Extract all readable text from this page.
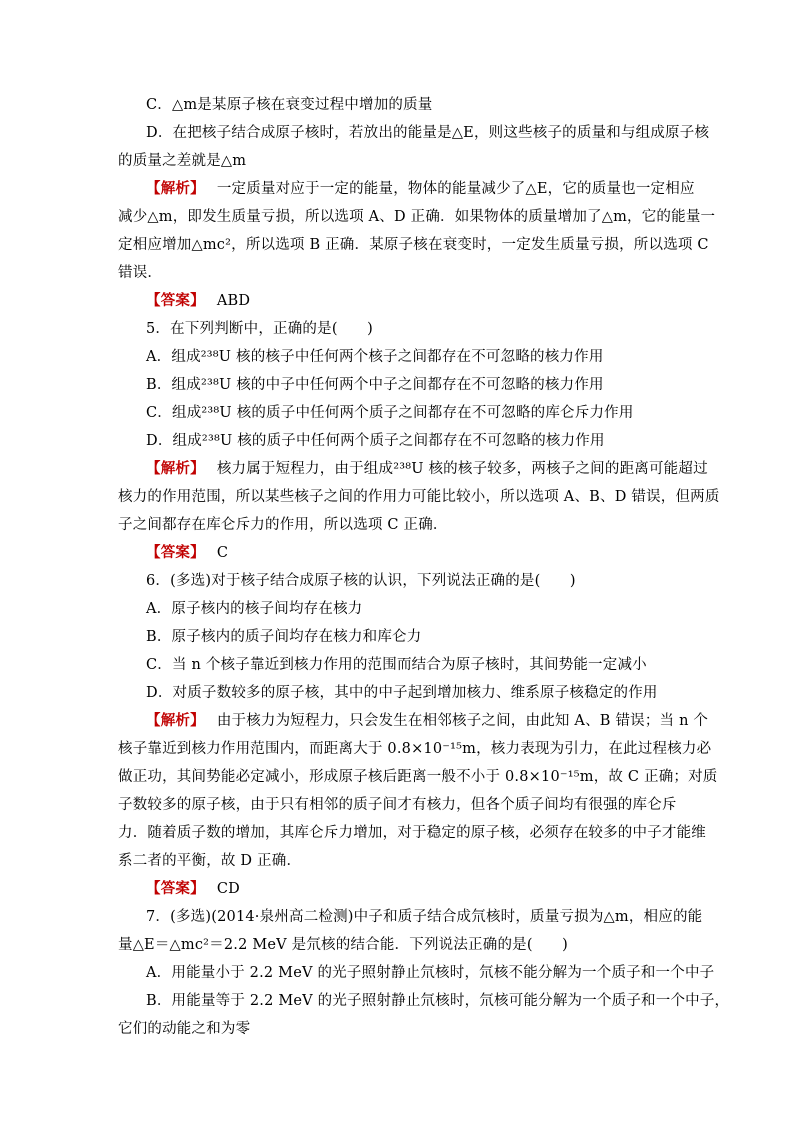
C．△m是某原子核在衰变过程中增加的质量
D．在把核子结合成原子核时，若放出的能量是△E，则这些核子的质量和与组成原子核
的质量之差就是△m
【解析】 一定质量对应于一定的能量，物体的能量减少了△E，它的质量也一定相应
减少△m，即发生质量亏损，所以选项 A、D 正确．如果物体的质量增加了△m，它的能量一
定相应增加△mc²，所以选项 B 正确．某原子核在衰变时，一定发生质量亏损，所以选项 C
错误．
【答案】 ABD
5．在下列判断中，正确的是(　　)
A．组成²³⁸U 核的核子中任何两个核子之间都存在不可忽略的核力作用
B．组成²³⁸U 核的中子中任何两个中子之间都存在不可忽略的核力作用
C．组成²³⁸U 核的质子中任何两个质子之间都存在不可忽略的库仑斥力作用
D．组成²³⁸U 核的质子中任何两个质子之间都存在不可忽略的核力作用
【解析】 核力属于短程力，由于组成²³⁸U 核的核子较多，两核子之间的距离可能超过
核力的作用范围，所以某些核子之间的作用力可能比较小，所以选项 A、B、D 错误，但两质
子之间都存在库仑斥力的作用，所以选项 C 正确．
【答案】 C
6．(多选)对于核子结合成原子核的认识，下列说法正确的是(　　)
A．原子核内的核子间均存在核力
B．原子核内的质子间均存在核力和库仑力
C．当 n 个核子靠近到核力作用的范围而结合为原子核时，其间势能一定减小
D．对质子数较多的原子核，其中的中子起到增加核力、维系原子核稳定的作用
【解析】 由于核力为短程力，只会发生在相邻核子之间，由此知 A、B 错误；当 n 个
核子靠近到核力作用范围内，而距离大于 0.8×10⁻¹⁵m，核力表现为引力，在此过程核力必
做正功，其间势能必定减小，形成原子核后距离一般不小于 0.8×10⁻¹⁵m，故 C 正确；对质
子数较多的原子核，由于只有相邻的质子间才有核力，但各个质子间均有很强的库仑斥
力．随着质子数的增加，其库仑斥力增加，对于稳定的原子核，必须存在较多的中子才能维
系二者的平衡，故 D 正确．
【答案】 CD
7．(多选)(2014·泉州高二检测)中子和质子结合成氘核时，质量亏损为△m，相应的能
量△E＝△mc²＝2.2 MeV 是氘核的结合能．下列说法正确的是(　　)
A．用能量小于 2.2 MeV 的光子照射静止氘核时，氘核不能分解为一个质子和一个中子
B．用能量等于 2.2 MeV 的光子照射静止氘核时，氘核可能分解为一个质子和一个中子，
它们的动能之和为零
